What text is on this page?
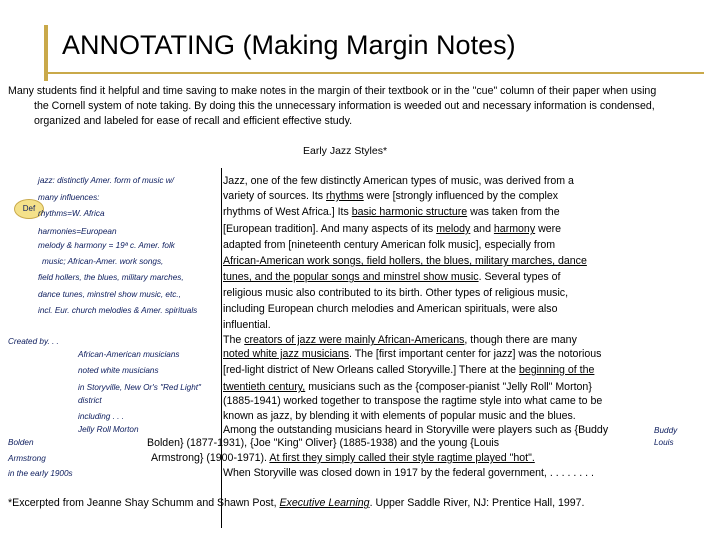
ANNOTATING (Making Margin Notes)
Many students find it helpful and time saving to make notes in the margin of their textbook or in the "cue" column of their paper when using
the Cornell system of note taking. By doing this the unnecessary information is weeded out and necessary information is condensed,
organized and labeled for ease of recall and efficient effective study.
Early Jazz Styles*
Def
jazz: distinctly Amer. form of music w/
many influences:
rhythms=W. Africa
harmonies=European
melody & harmony = 19ª c. Amer. folk
music; African-Amer. work songs,
field hollers, the blues, military marches,
dance tunes, minstrel show music, etc.,
incl. Eur. church melodies & Amer. spirituals
Created by. . .
African-American musicians
noted white musicians
in Storyville, New Or's "Red Light"
district
including . . .
Jelly Roll Morton
Bolden
Armstrong
in the early 1900s
Buddy
Louis
Jazz, one of the few distinctly American types of music, was derived from a
variety of sources. Its rhythms were [strongly influenced by the complex
rhythms of West Africa.] Its basic harmonic structure was taken from the
[European tradition]. And many aspects of its melody and harmony were
adapted from [nineteenth century American folk music], especially from
African-American work songs, field hollers, the blues, military marches, dance
tunes, and the popular songs and minstrel show music. Several types of
religious music also contributed to its birth. Other types of religious music,
including European church melodies and American spirituals, were also
influential.
The creators of jazz were mainly African-Americans, though there are many
noted white jazz musicians. The [first important center for jazz] was the notorious
[red-light district of New Orleans called Storyville.] There at the beginning of the
twentieth century, musicians such as the {composer-pianist "Jelly Roll" Morton}
(1885-1941) worked together to transpose the ragtime style into what came to be
known as jazz, by blending it with elements of popular music and the blues.
Among the outstanding musicians heard in Storyville were players such as {Buddy
Bolden} (1877-1931), {Joe "King" Oliver} (1885-1938) and the young {Louis
Armstrong} (1900-1971). At first they simply called their style ragtime played "hot".
When Storyville was closed down in 1917 by the federal government, . . . . . . . .
*Excerpted from Jeanne Shay Schumm and Shawn Post, Executive Learning. Upper Saddle River, NJ: Prentice Hall, 1997.
